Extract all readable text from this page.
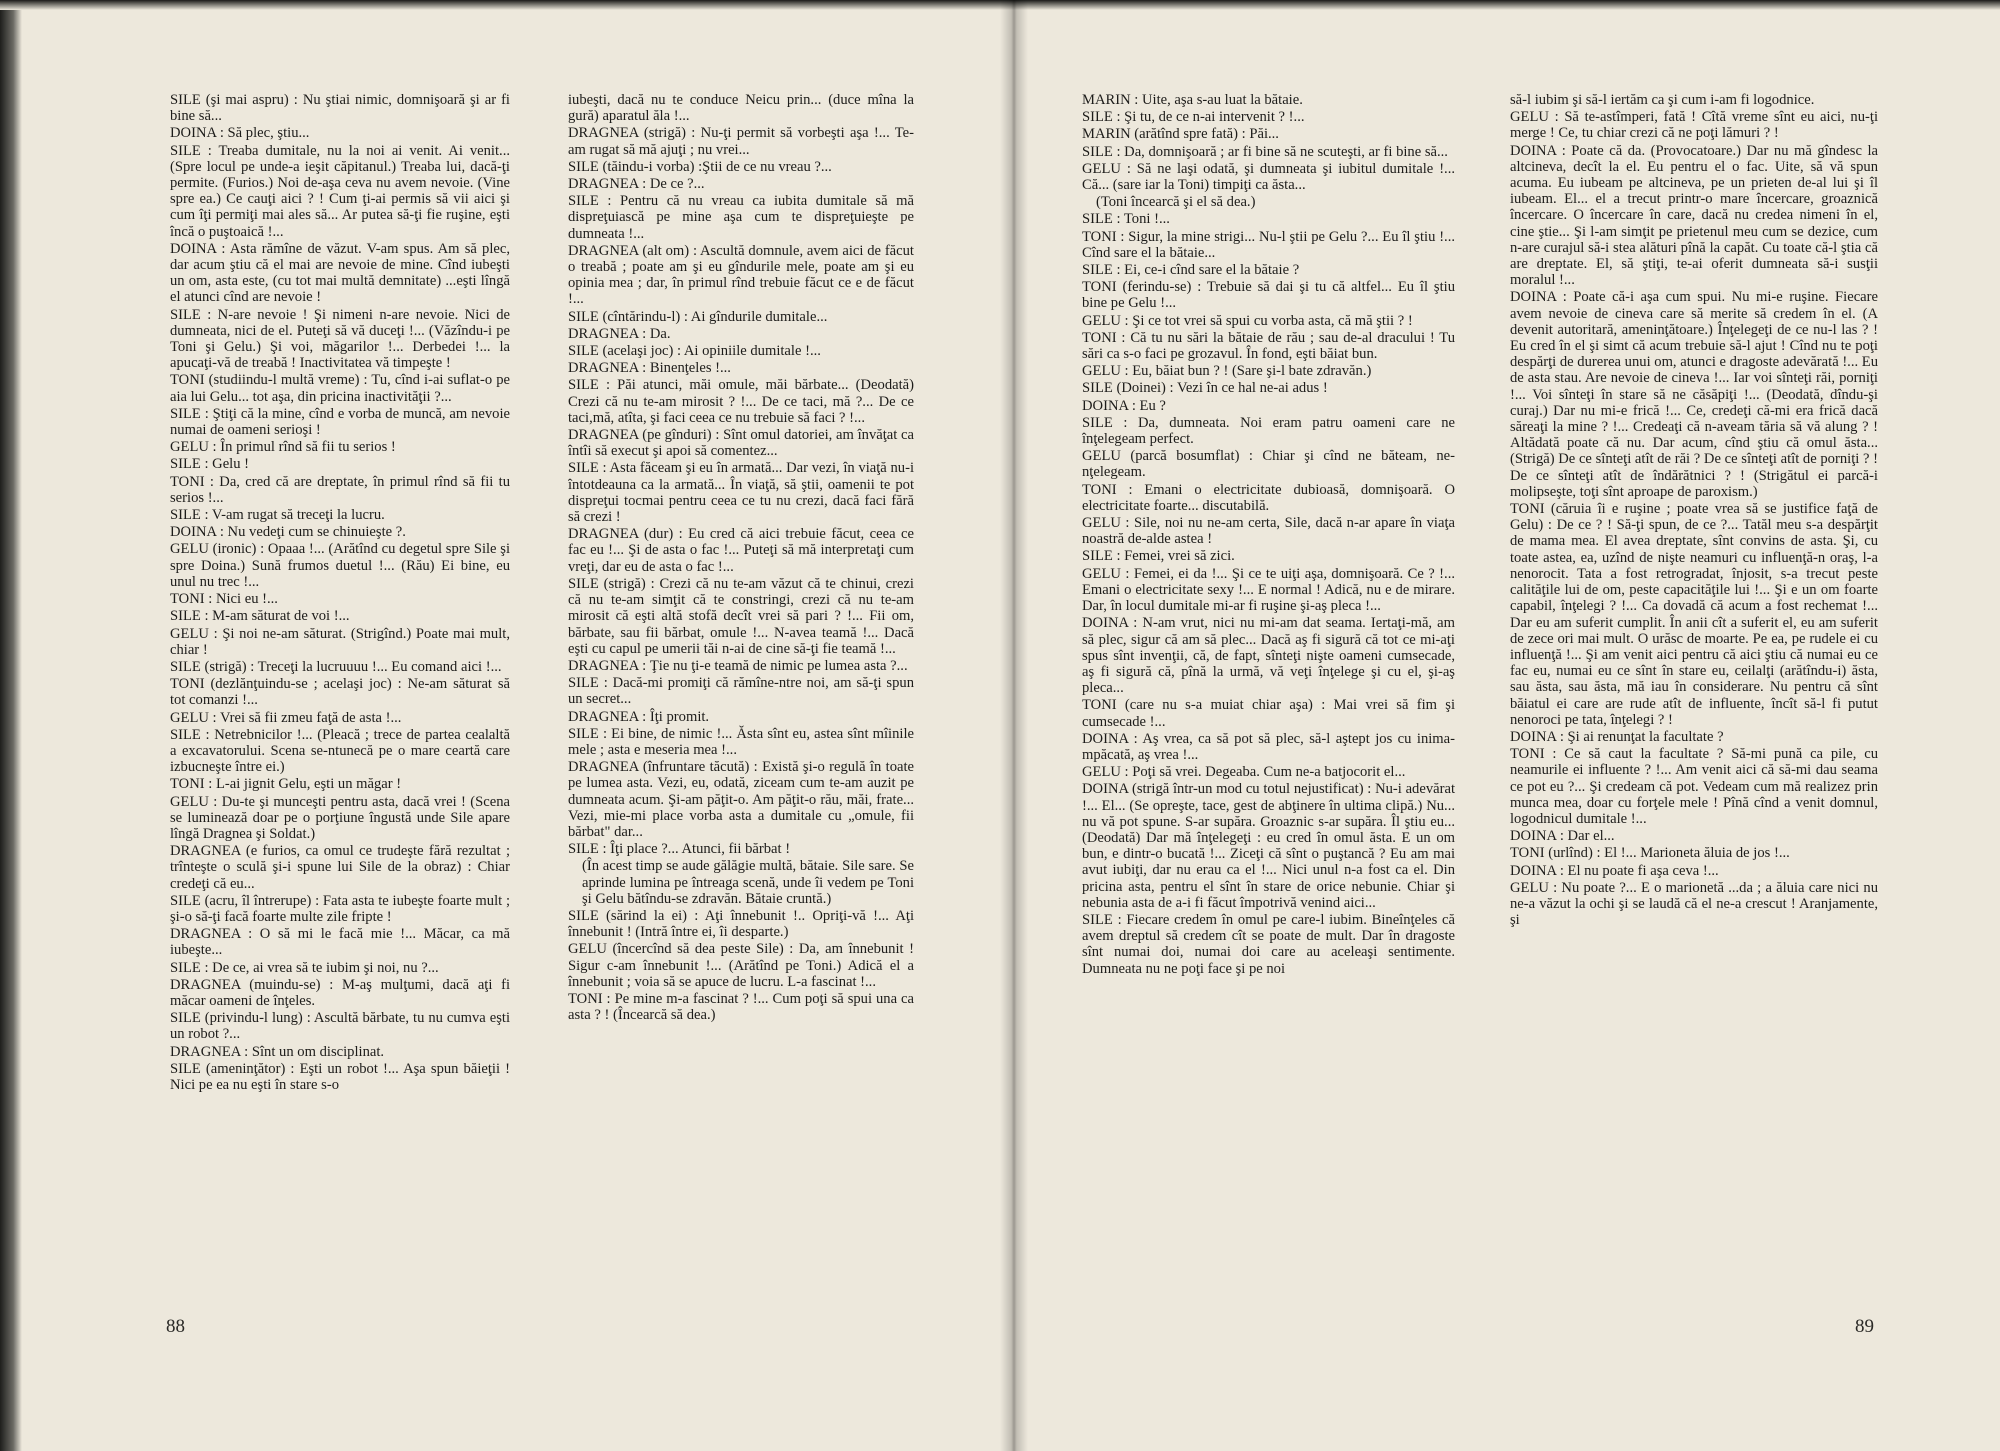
SILE (şi mai aspru) : Nu ştiai nimic, domnişoară şi ar fi bine să...

DOINA : Să plec, ştiu...

SILE : Treaba dumitale, nu la noi ai venit. Ai venit... (Spre locul pe unde-a ieşit căpitanul.) Treaba lui, dacă-ţi permite. (Furios.) Noi de-aşa ceva nu avem nevoie. (Vine spre ea.) Ce cauţi aici ? ! Cum ţi-ai permis să vii aici şi cum îţi permiţi mai ales să... Ar putea să-ţi fie ruşine, eşti încă o puştoaică !...

DOINA : Asta rămîne de văzut. V-am spus. Am să plec, dar acum ştiu că el mai are nevoie de mine. Cînd iubeşti un om, asta este, (cu tot mai multă demnitate) ...eşti lîngă el atunci cînd are nevoie !

SILE : N-are nevoie ! Şi nimeni n-are nevoie. Nici de dumneata, nici de el. Puteţi să vă duceţi !... (Văzîndu-i pe Toni şi Gelu.) Şi voi, măgarilor !... Derbedei !... la apucaţi-vă de treabă ! Inactivitatea vă timpeşte !

TONI (studiindu-l multă vreme) : Tu, cînd i-ai suflat-o pe aia lui Gelu... tot aşa, din pricina inactivităţii ?...

SILE : Ştiţi că la mine, cînd e vorba de muncă, am nevoie numai de oameni serioşi !

GELU : În primul rînd să fii tu serios !

SILE : Gelu !

TONI : Da, cred că are dreptate, în primul rînd să fii tu serios !...

SILE : V-am rugat să treceţi la lucru.

DOINA : Nu vedeţi cum se chinuieşte ?.

GELU (ironic) : Opaaa !... (Arătînd cu degetul spre Sile şi spre Doina.) Sună frumos duetul !... (Rău) Ei bine, eu unul nu trec !...

TONI : Nici eu !...

SILE : M-am săturat de voi !...

GELU : Şi noi ne-am săturat. (Strigînd.) Poate mai mult, chiar !

SILE (strigă) : Treceţi la lucruuuu !... Eu comand aici !...

TONI (dezlănţuindu-se ; acelaşi joc) : Ne-am săturat să tot comanzi !...

GELU : Vrei să fii zmeu faţă de asta !...

SILE : Netrebnicilor !... (Pleacă ; trece de partea cealaltă a excavatorului. Scena se-ntunecă pe o mare ceartă care izbucneşte între ei.)

TONI : L-ai jignit Gelu, eşti un măgar !

GELU : Du-te şi munceşti pentru asta, dacă vrei ! (Scena se luminează doar pe o porţiune îngustă unde Sile apare lîngă Dragnea şi Soldat.)

DRAGNEA (e furios, ca omul ce trudeşte fără rezultat ; trînteşte o sculă şi-i spune lui Sile de la obraz) : Chiar credeţi că eu...

SILE (acru, îl întrerupe) : Fata asta te iubeşte foarte mult ; şi-o să-ţi facă foarte multe zile fripte !

DRAGNEA : O să mi le facă mie !... Măcar, ca mă iubeşte...

SILE : De ce, ai vrea să te iubim şi noi, nu ?...

DRAGNEA (muindu-se) : M-aş mulţumi, dacă aţi fi măcar oameni de înţeles.

SILE (privindu-l lung) : Ascultă bărbate, tu nu cumva eşti un robot ?...

DRAGNEA : Sînt un om disciplinat.

SILE (ameninţător) : Eşti un robot !... Aşa spun băieţii ! Nici pe ea nu eşti în stare s-o

iubeşti, dacă nu te conduce Neicu prin... (duce mîna la gură) aparatul ăla !...

DRAGNEA (strigă) : Nu-ţi permit să vorbeşti aşa !... Te-am rugat să mă ajuţi ; nu vrei...

SILE (tăindu-i vorba) :Ştii de ce nu vreau ?...

DRAGNEA : De ce ?...

SILE : Pentru că nu vreau ca iubita dumitale să mă dispreţuiască pe mine aşa cum te dispreţuieşte pe dumneata !...

DRAGNEA (alt om) : Ascultă domnule, avem aici de făcut o treabă ; poate am şi eu gîndurile mele, poate am şi eu opinia mea ; dar, în primul rînd trebuie făcut ce e de făcut !...

SILE (cîntărindu-l) : Ai gîndurile dumitale...

DRAGNEA : Da.

SILE (acelaşi joc) : Ai opiniile dumitale !...

DRAGNEA : Binenţeles !...

SILE : Păi atunci, măi omule, măi bărbate... (Deodată) Crezi că nu te-am mirosit ? !... De ce taci, mă ?... De ce taci,mă, atîta, şi faci ceea ce nu trebuie să faci ? !...

DRAGNEA (pe gînduri) : Sînt omul datoriei, am învăţat ca întîi să execut şi apoi să comentez...

SILE : Asta făceam şi eu în armată... Dar vezi, în viaţă nu-i întotdeauna ca la armată... În viaţă, să ştii, oamenii te pot dispreţui tocmai pentru ceea ce tu nu crezi, dacă faci fără să crezi !

DRAGNEA (dur) : Eu cred că aici trebuie făcut, ceea ce fac eu !... Şi de asta o fac !... Puteţi să mă interpretaţi cum vreţi, dar eu de asta o fac !...

SILE (strigă) : Crezi că nu te-am văzut că te chinui, crezi că nu te-am simţit că te constringi, crezi că nu te-am mirosit că eşti altă stofă decît vrei să pari ? !... Fii om, bărbate, sau fii bărbat, omule !... N-avea teamă !... Dacă eşti cu capul pe umerii tăi n-ai de cine să-ţi fie teamă !...

DRAGNEA : Ţie nu ţi-e teamă de nimic pe lumea asta ?...

SILE : Dacă-mi promiţi că rămîne-ntre noi, am să-ţi spun un secret...

DRAGNEA : Îţi promit.

SILE : Ei bine, de nimic !... Ăsta sînt eu, astea sînt mîinile mele ; asta e meseria mea !...

DRAGNEA (înfruntare tăcută) : Există şi-o regulă în toate pe lumea asta. Vezi, eu, odată, ziceam cum te-am auzit pe dumneata acum. Şi-am păţit-o. Am păţit-o rău, măi, frate... Vezi, mie-mi place vorba asta a dumitale cu „omule, fii bărbat" dar...

SILE : Îţi place ?... Atunci, fii bărbat !

(În acest timp se aude gălăgie multă, bătaie. Sile sare. Se aprinde lumina pe întreaga scenă, unde îi vedem pe Toni şi Gelu bătîndu-se zdravăn. Bătaie cruntă.)

SILE (sărind la ei) : Aţi înnebunit !.. Opriţi-vă !... Aţi înnebunit ! (Intră între ei, îi desparte.)

GELU (încercînd să dea peste Sile) : Da, am înnebunit ! Sigur c-am înnebunit !... (Arătînd pe Toni.) Adică el a înnebunit ; voia să se apuce de lucru. L-a fascinat !...

TONI : Pe mine m-a fascinat ? !... Cum poţi să spui una ca asta ? ! (Încearcă să dea.)

88

MARIN : Uite, aşa s-au luat la bătaie.

SILE : Şi tu, de ce n-ai intervenit ? !...

MARIN (arătînd spre fată) : Păi...

SILE : Da, domnişoară ; ar fi bine să ne scuteşti, ar fi bine să...

GELU : Să ne laşi odată, şi dumneata şi iubitul dumitale !... Că... (sare iar la Toni) timpiţi ca ăsta...

(Toni încearcă şi el să dea.)

SILE : Toni !...

TONI : Sigur, la mine strigi... Nu-l ştii pe Gelu ?... Eu îl ştiu !... Cînd sare el la bătaie...

SILE : Ei, ce-i cînd sare el la bătaie ?

TONI (ferindu-se) : Trebuie să dai şi tu că altfel... Eu îl ştiu bine pe Gelu !...

GELU : Şi ce tot vrei să spui cu vorba asta, că mă ştii ? !

TONI : Că tu nu sări la bătaie de rău ; sau de-al dracului ! Tu sări ca s-o faci pe grozavul. În fond, eşti băiat bun.

GELU : Eu, băiat bun ? ! (Sare şi-l bate zdravăn.)

SILE (Doinei) : Vezi în ce hal ne-ai adus !

DOINA : Eu ?

SILE : Da, dumneata. Noi eram patru oameni care ne înţelegeam perfect.

GELU (parcă bosumflat) : Chiar şi cînd ne băteam, ne-nţelegeam.

TONI : Emani o electricitate dubioasă, domnişoară. O electricitate foarte... discutabilă.

GELU : Sile, noi nu ne-am certa, Sile, dacă n-ar apare în viaţa noastră de-alde astea !

SILE : Femei, vrei să zici.

GELU : Femei, ei da !... Şi ce te uiţi aşa, domnişoară. Ce ? !... Emani o electricitate sexy !... E normal ! Adică, nu e de mirare. Dar, în locul dumitale mi-ar fi ruşine şi-aş pleca !...

DOINA : N-am vrut, nici nu mi-am dat seama. Iertaţi-mă, am să plec, sigur că am să plec... Dacă aş fi sigură că tot ce mi-aţi spus sînt invenţii, că, de fapt, sînteţi nişte oameni cumsecade, aş fi sigură că, pînă la urmă, vă veţi înţelege şi cu el, şi-aş pleca...

TONI (care nu s-a muiat chiar aşa) : Mai vrei să fim şi cumsecade !...

DOINA : Aş vrea, ca să pot să plec, să-l aştept jos cu inima-mpăcată, aş vrea !...

GELU : Poţi să vrei. Degeaba. Cum ne-a batjocorit el...

DOINA (strigă într-un mod cu totul nejustificat) : Nu-i adevărat !... El... (Se opreşte, tace, gest de abţinere în ultima clipă.) Nu... nu vă pot spune. S-ar supăra. Groaznic s-ar supăra. Îl ştiu eu... (Deodată) Dar mă înţelegeţi : eu cred în omul ăsta. E un om bun, e dintr-o bucată !... Ziceţi că sînt o puştancă ? Eu am mai avut iubiţi, dar nu erau ca el !... Nici unul n-a fost ca el. Din pricina asta, pentru el sînt în stare de orice nebunie. Chiar şi nebunia asta de a-i fi făcut împotrivă venind aici...

SILE : Fiecare credem în omul pe care-l iubim. Bineînţeles că avem dreptul să credem cît se poate de mult. Dar în dragoste sînt numai doi, numai doi care au aceleaşi sentimente. Dumneata nu ne poţi face şi pe noi

să-l iubim şi să-l iertăm ca şi cum i-am fi logodnice.

GELU : Să te-astîmperi, fată ! Cîtă vreme sînt eu aici, nu-ţi merge ! Ce, tu chiar crezi că ne poţi lămuri ? !

DOINA : Poate că da. (Provocatoare.) Dar nu mă gîndesc la altcineva, decît la el. Eu pentru el o fac. Uite, să vă spun acuma. Eu iubeam pe altcineva, pe un prieten de-al lui şi îl iubeam. El... el a trecut printr-o mare încercare, groaznică încercare. O încercare în care, dacă nu credea nimeni în el, cine ştie... Şi l-am simţit pe prietenul meu cum se dezice, cum n-are curajul să-i stea alături pînă la capăt. Cu toate că-l ştia că are dreptate. El, să ştiţi, te-ai oferit dumneata să-i susţii moralul !...

DOINA : Poate că-i aşa cum spui. Nu mi-e ruşine. Fiecare avem nevoie de cineva care să merite să credem în el. (A devenit autoritară, ameninţătoare.) Înţelegeţi de ce nu-l las ? ! Eu cred în el şi simt că acum trebuie să-l ajut ! Cînd nu te poţi despărţi de durerea unui om, atunci e dragoste adevărată !... Eu de asta stau. Are nevoie de cineva !... Iar voi sînteţi răi, porniţi !... Voi sînteţi în stare să ne căsăpiţi !... (Deodată, dîndu-şi curaj.) Dar nu mi-e frică !... Ce, credeţi că-mi era frică dacă săreaţi la mine ? !... Credeaţi că n-aveam tăria să vă alung ? ! Altădată poate că nu. Dar acum, cînd ştiu că omul ăsta... (Strigă) De ce sînteţi atît de răi ? De ce sînteţi atît de porniţi ? ! De ce sînteţi atît de îndărătnici ? ! (Strigătul ei parcă-i molipseşte, toţi sînt aproape de paroxism.)

TONI (căruia îi e ruşine ; poate vrea să se justifice faţă de Gelu) : De ce ? ! Să-ţi spun, de ce ?... Tatăl meu s-a despărţit de mama mea. El avea dreptate, sînt convins de asta. Şi, cu toate astea, ea, uzînd de nişte neamuri cu influenţă-n oraş, l-a nenorocit. Tata a fost retrogradat, înjosit, s-a trecut peste calităţile lui de om, peste capacităţile lui !... Şi e un om foarte capabil, înţelegi ? !... Ca dovadă că acum a fost rechemat !... Dar eu am suferit cumplit. În anii cît a suferit el, eu am suferit de zece ori mai mult. O urăsc de moarte. Pe ea, pe rudele ei cu influenţă !... Şi am venit aici pentru că aici ştiu că numai eu ce fac eu, numai eu ce sînt în stare eu, ceilalţi (arătîndu-i) ăsta, sau ăsta, sau ăsta, mă iau în considerare. Nu pentru că sînt băiatul ei care are rude atît de influente, încît să-l fi putut nenoroci pe tata, înţelegi ? !

DOINA : Şi ai renunţat la facultate ?

TONI : Ce să caut la facultate ? Să-mi pună ca pile, cu neamurile ei influente ? !... Am venit aici că să-mi dau seama ce pot eu ?... Şi credeam că pot. Vedeam cum mă realizez prin munca mea, doar cu forţele mele ! Pînă cînd a venit domnul, logodnicul dumitale !...

DOINA : Dar el...

TONI (urlînd) : El !... Marioneta ăluia de jos !...

DOINA : El nu poate fi aşa ceva !...

GELU : Nu poate ?... E o marionetă ...da ; a ăluia care nici nu ne-a văzut la ochi şi se laudă că el ne-a crescut ! Aranjamente, şi

89
